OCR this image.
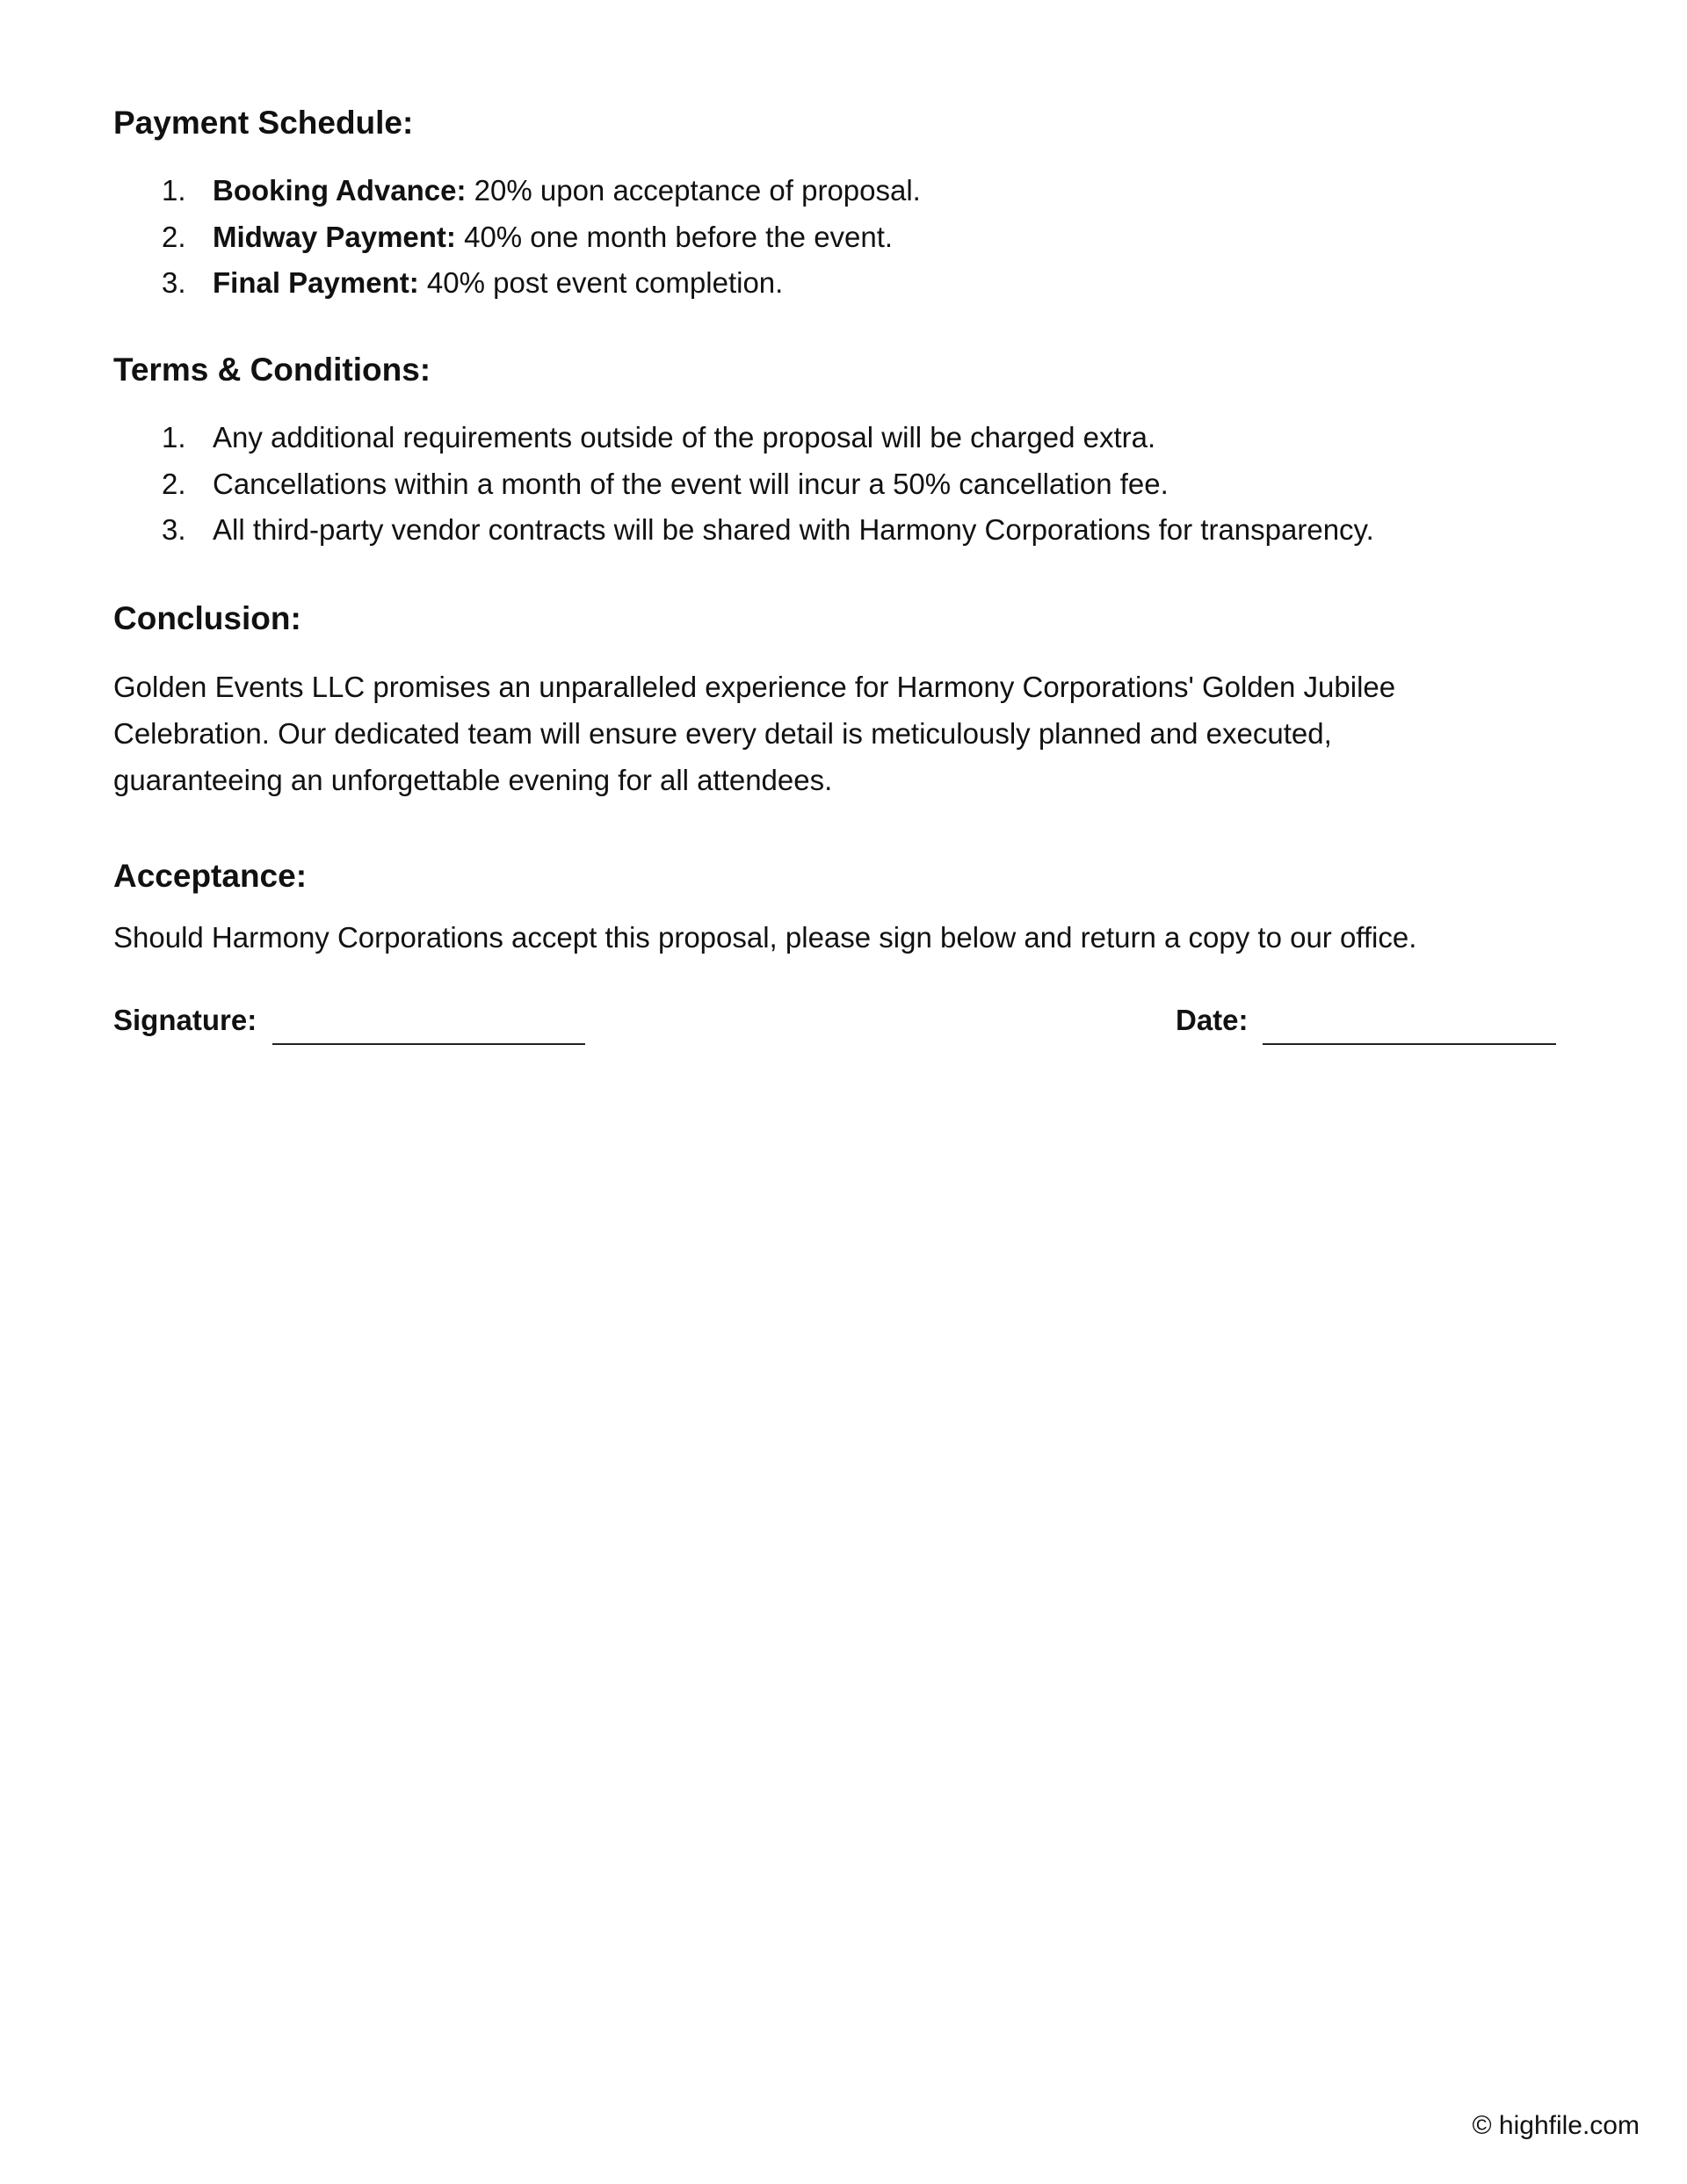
Payment Schedule:
1. Booking Advance: 20% upon acceptance of proposal.
2. Midway Payment: 40% one month before the event.
3. Final Payment: 40% post event completion.
Terms & Conditions:
1. Any additional requirements outside of the proposal will be charged extra.
2. Cancellations within a month of the event will incur a 50% cancellation fee.
3. All third-party vendor contracts will be shared with Harmony Corporations for transparency.
Conclusion:
Golden Events LLC promises an unparalleled experience for Harmony Corporations' Golden Jubilee
Celebration. Our dedicated team will ensure every detail is meticulously planned and executed,
guaranteeing an unforgettable evening for all attendees.
Acceptance:

Should Harmony Corporations accept this proposal, please sign below and return a copy to our office.

Signature:	Date:
© highfile.com
